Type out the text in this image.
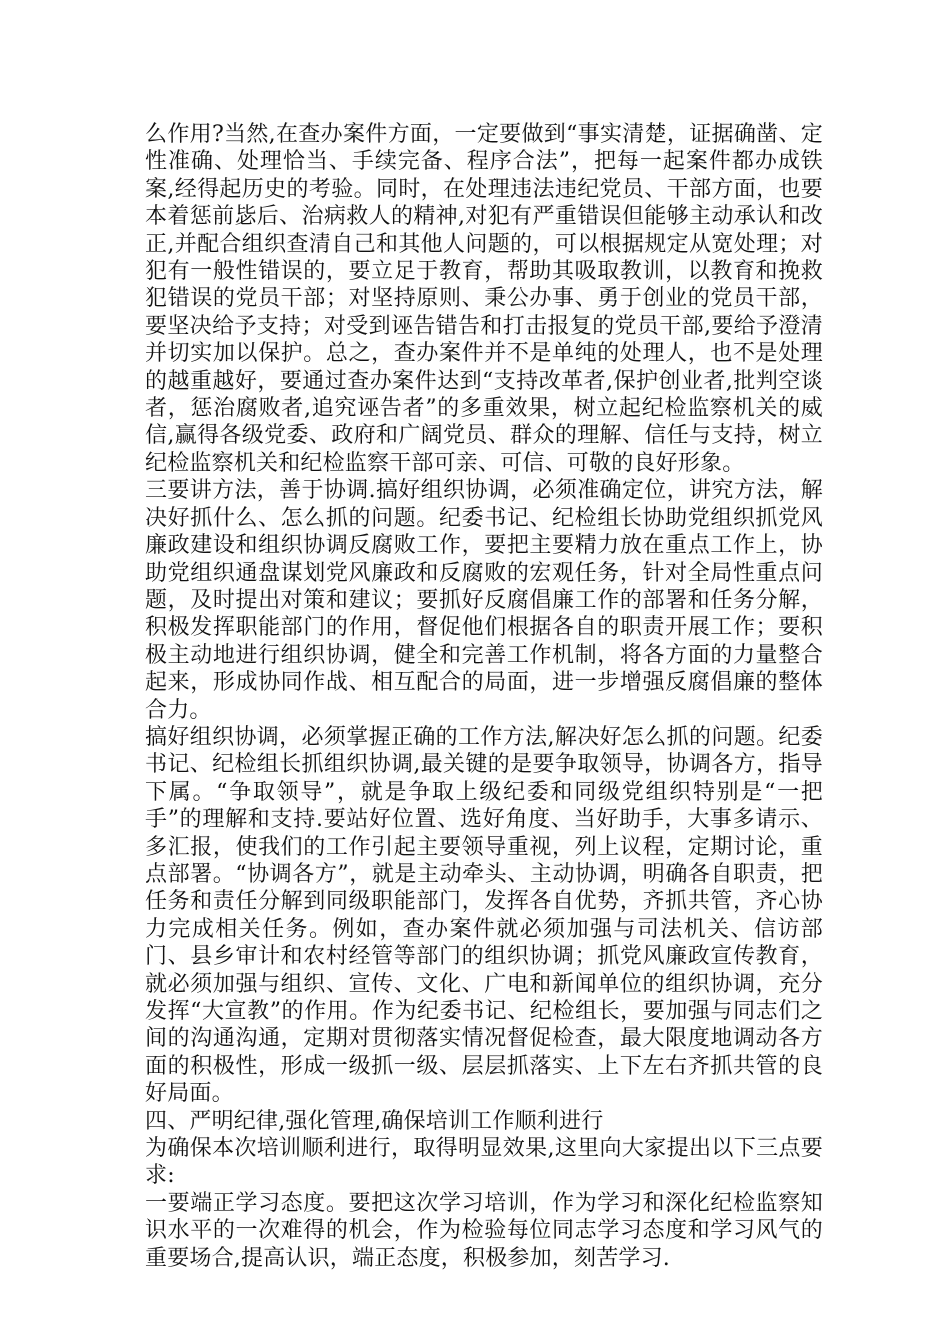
么作用?当然,在查办案件方面，一定要做到“事实清楚，证据确凿、定性准确、处理恰当、手续完备、程序合法”，把每一起案件都办成铁案,经得起历史的考验。同时，在处理违法违纪党员、干部方面，也要本着惩前毖后、治病救人的精神,对犯有严重错误但能够主动承认和改正,并配合组织查清自己和其他人问题的，可以根据规定从宽处理；对犯有一般性错误的，要立足于教育，帮助其吸取教训，以教育和挽救犯错误的党员干部；对坚持原则、秉公办事、勇于创业的党员干部，要坚决给予支持；对受到诬告错告和打击报复的党员干部,要给予澄清并切实加以保护。总之，查办案件并不是单纯的处理人，也不是处理的越重越好，要通过查办案件达到“支持改革者,保护创业者,批判空谈者，惩治腐败者,追究诬告者”的多重效果，树立起纪检监察机关的威信,赢得各级党委、政府和广阔党员、群众的理解、信任与支持，树立纪检监察机关和纪检监察干部可亲、可信、可敬的良好形象。

三要讲方法，善于协调.搞好组织协调，必须准确定位，讲究方法，解决好抓什么、怎么抓的问题。纪委书记、纪检组长协助党组织抓党风廉政建设和组织协调反腐败工作，要把主要精力放在重点工作上，协助党组织通盘谋划党风廉政和反腐败的宏观任务，针对全局性重点问题，及时提出对策和建议；要抓好反腐倡廉工作的部署和任务分解，积极发挥职能部门的作用，督促他们根据各自的职责开展工作；要积极主动地进行组织协调，健全和完善工作机制，将各方面的力量整合起来，形成协同作战、相互配合的局面，进一步增强反腐倡廉的整体合力。

搞好组织协调，必须掌握正确的工作方法,解决好怎么抓的问题。纪委书记、纪检组长抓组织协调,最关键的是要争取领导，协调各方，指导下属。“争取领导”，就是争取上级纪委和同级党组织特别是“一把手”的理解和支持.要站好位置、选好角度、当好助手，大事多请示、多汇报，使我们的工作引起主要领导重视，列上议程，定期讨论，重点部署。“协调各方”，就是主动牵头、主动协调，明确各自职责，把任务和责任分解到同级职能部门，发挥各自优势，齐抓共管，齐心协力完成相关任务。例如，查办案件就必须加强与司法机关、信访部门、县乡审计和农村经管等部门的组织协调；抓党风廉政宣传教育，就必须加强与组织、宣传、文化、广电和新闻单位的组织协调，充分发挥“大宣教”的作用。作为纪委书记、纪检组长，要加强与同志们之间的沟通沟通，定期对贯彻落实情况督促检查，最大限度地调动各方面的积极性，形成一级抓一级、层层抓落实、上下左右齐抓共管的良好局面。

四、严明纪律,强化管理,确保培训工作顺利进行

为确保本次培训顺利进行，取得明显效果,这里向大家提出以下三点要求:

一要端正学习态度。要把这次学习培训，作为学习和深化纪检监察知识水平的一次难得的机会，作为检验每位同志学习态度和学习风气的重要场合,提高认识，端正态度，积极参加，刻苦学习.
